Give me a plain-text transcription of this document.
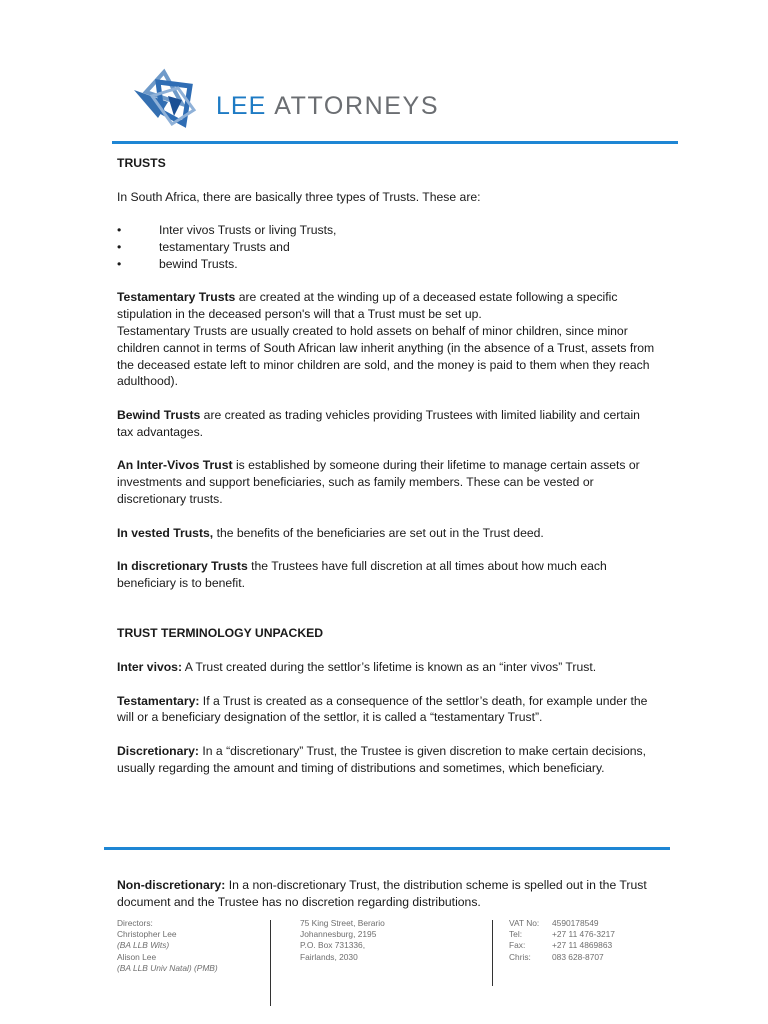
LEE ATTORNEYS

TRUSTS

In South Africa, there are basically three types of Trusts. These are:

• Inter vivos Trusts or living Trusts,
• testamentary Trusts and
• bewind Trusts.

Testamentary Trusts are created at the winding up of a deceased estate following a specific stipulation in the deceased person's will that a Trust must be set up.

Testamentary Trusts are usually created to hold assets on behalf of minor children, since minor children cannot in terms of South African law inherit anything (in the absence of a Trust, assets from the deceased estate left to minor children are sold, and the money is paid to them when they reach adulthood).

Bewind Trusts are created as trading vehicles providing Trustees with limited liability and certain tax advantages.

An Inter-Vivos Trust is established by someone during their lifetime to manage certain assets or investments and support beneficiaries, such as family members. These can be vested or discretionary trusts.

In vested Trusts, the benefits of the beneficiaries are set out in the Trust deed.

In discretionary Trusts the Trustees have full discretion at all times about how much each beneficiary is to benefit.

TRUST TERMINOLOGY UNPACKED

Inter vivos: A Trust created during the settlor’s lifetime is known as an “inter vivos” Trust.

Testamentary: If a Trust is created as a consequence of the settlor’s death, for example under the will or a beneficiary designation of the settlor, it is called a “testamentary Trust”.

Discretionary: In a “discretionary” Trust, the Trustee is given discretion to make certain decisions, usually regarding the amount and timing of distributions and sometimes, which beneficiary.

Non-discretionary: In a non-discretionary Trust, the distribution scheme is spelled out in the Trust document and the Trustee has no discretion regarding distributions.

Directors:
Christopher Lee
(BA LLB Wits)
Alison Lee
(BA LLB Univ Natal) (PMB)
75 King Street, Berario
Johannesburg, 2195
P.O. Box 731336,
Fairlands, 2030
VAT No:	4590178549
Tel:	+27 11 476-3217
Fax:	+27 11 4869863
Chris:	083 628-8707
